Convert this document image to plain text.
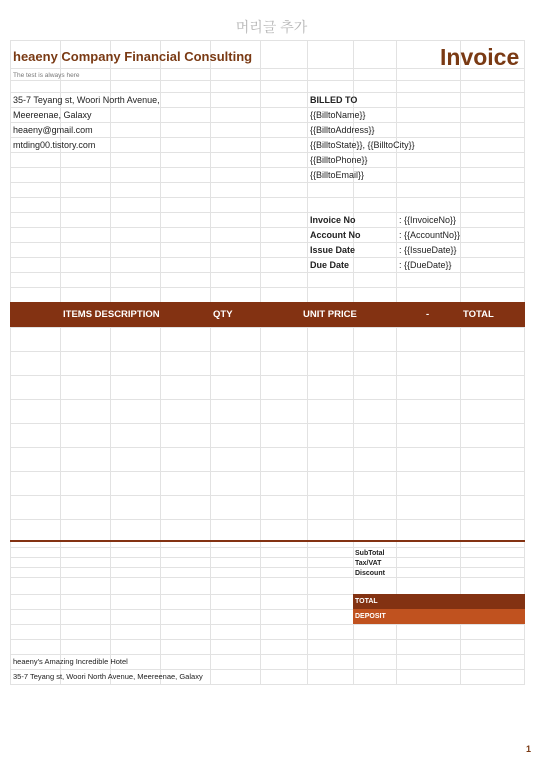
머리글 추가
heaeny Company Financial Consulting
The test is always here
Invoice
35-7 Teyang st, Woori North Avenue,
Meereenae, Galaxy
heaeny@gmail.com
mtding00.tistory.com
BILLED TO
{{BilltoName}}
{{BilltoAddress}}
{{BilltoState}}, {{BilltoCity}}
{{BilltoPhone}}
{{BilltoEmail}}
Invoice No	: {{InvoiceNo}}
Account No	: {{AccountNo}}
Issue Date	: {{IssueDate}}
Due Date	: {{DueDate}}
ITEMS DESCRIPTION	QTY	UNIT PRICE	-	TOTAL
SubTotal
Tax/VAT
Discount
TOTAL
DEPOSIT
heaeny's Amazing Incredible Hotel
35-7 Teyang st, Woori North Avenue, Meereenae, Galaxy
1
